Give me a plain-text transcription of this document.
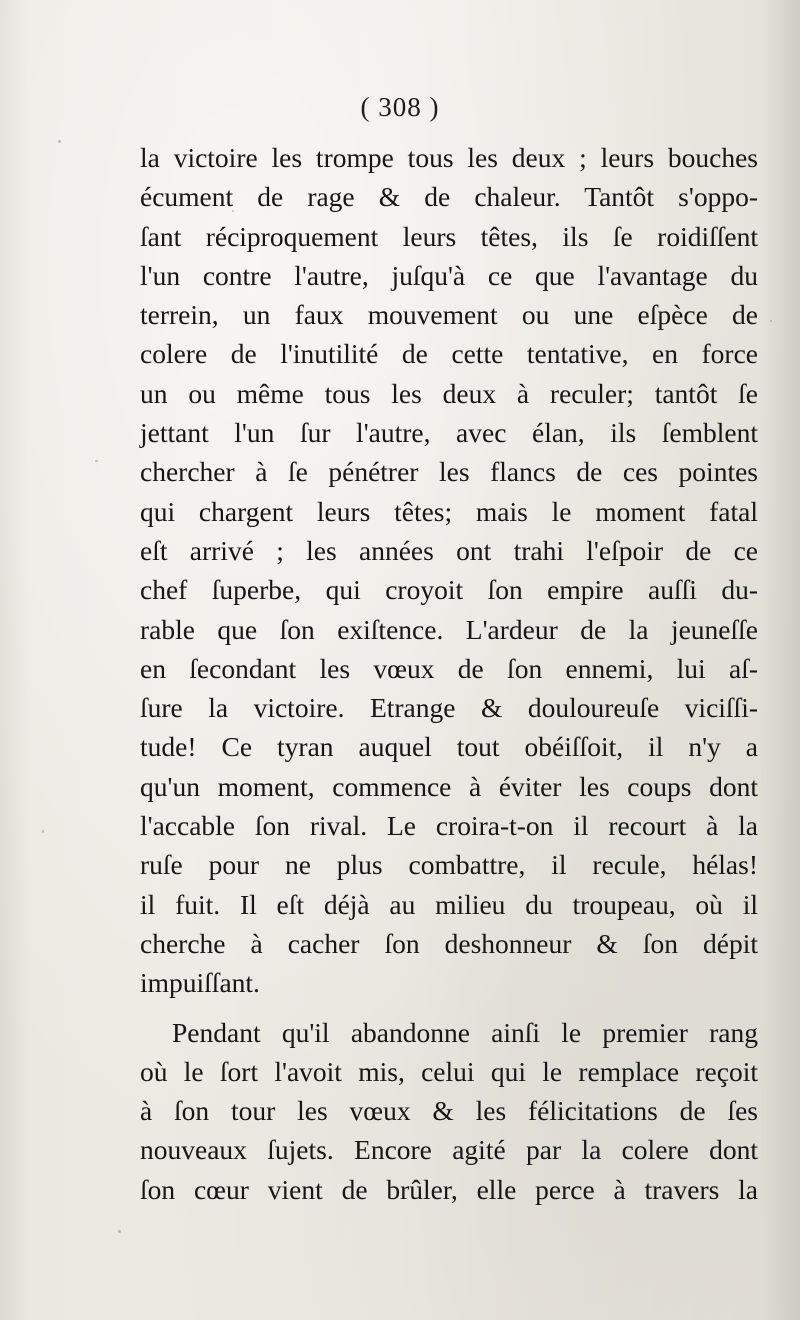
( 308 )
la victoire les trompe tous les deux ; leurs bouches
écument de rage & de chaleur. Tantôt s'oppo-
ſant réciproquement leurs têtes, ils ſe roidiſſent
l'un contre l'autre, juſqu'à ce que l'avantage du
terrein, un faux mouvement ou une eſpèce de
colere de l'inutilité de cette tentative, en force
un ou même tous les deux à reculer; tantôt ſe
jettant l'un ſur l'autre, avec élan, ils ſemblent
chercher à ſe pénétrer les flancs de ces pointes
qui chargent leurs têtes; mais le moment fatal
eſt arrivé ; les années ont trahi l'eſpoir de ce
chef ſuperbe, qui croyoit ſon empire auſſi du-
rable que ſon exiſtence. L'ardeur de la jeuneſſe
en ſecondant les vœux de ſon ennemi, lui aſ-
ſure la victoire. Etrange & douloureuſe viciſſi-
tude! Ce tyran auquel tout obéiſſoit, il n'y a
qu'un moment, commence à éviter les coups dont
l'accable ſon rival. Le croira-t-on il recourt à la
ruſe pour ne plus combattre, il recule, hélas!
il fuit. Il eſt déjà au milieu du troupeau, où il
cherche à cacher ſon deshonneur & ſon dépit
impuiſſant.
Pendant qu'il abandonne ainſi le premier rang
où le ſort l'avoit mis, celui qui le remplace reçoit
à ſon tour les vœux & les félicitations de ſes
nouveaux ſujets. Encore agité par la colere dont
ſon cœur vient de brûler, elle perce à travers la
